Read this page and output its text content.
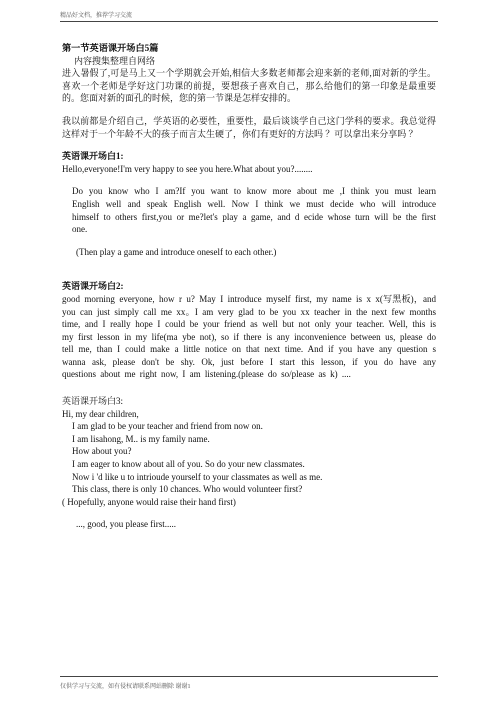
精品好文档，推荐学习交流

第一节英语课开场白5篇

内容搜集整理自网络

进入暑假了,可是马上又一个学期就会开始,相信大多数老师都会迎来新的老师,面对新的学生。喜欢一个老师是学好这门功课的前提，要想孩子喜欢自己，那么给他们的第一印象是最重要的。您面对新的面孔的时候，您的第一节课是怎样安排的。

我以前都是介绍自己，学英语的必要性，重要性，最后谈谈学自己这门学科的要求。我总觉得这样对于一个年龄不大的孩子而言太生硬了，你们有更好的方法吗 ？可以拿出来分享吗 ？

英语课开场白1:

Hello,everyone!I'm very happy to see you here.What about you?........

Do you know who I am?If you want to know more about me ,I think you must learn English well and speak English well. Now I think we must decide who will introduce himself to others first,you or me?let's play a game, and d ecide whose turn will be the first one.

(Then play a game and introduce oneself to each other.)

英语课开场白2:

good morning everyone, how r u? May I introduce myself first, my name is x x(写黑板)，and you can just simply call me xx。I am very glad to be you xx teacher in the next few months time, and I really hope I could be your friend as well but not only your teacher. Well, this is my first lesson in my life(ma ybe not), so if there is any inconvenience between us, please do tell me, than I could make a little notice on that next time. And if you have any question s wanna ask, please don't be shy. Ok, just before I start this lesson, if you do have any questions about me right now, I am listening.(please do so/please as k) ....

英语课开场白3:

Hi, my dear children,

I am glad to be your teacher and friend from now on.

I am lisahong, M.. is my family name.

How about you?

I am eager to know about all of you. So do your new classmates.

Now i 'd like u to intrioude yourself to your classmates as well as me.

This class, there is only 10 chances. Who would volunteer first?

( Hopefully, anyone would raise their hand first)

..., good, you please first.....

仅供学习与交流，如有侵权请联系网站删除 谢谢1
